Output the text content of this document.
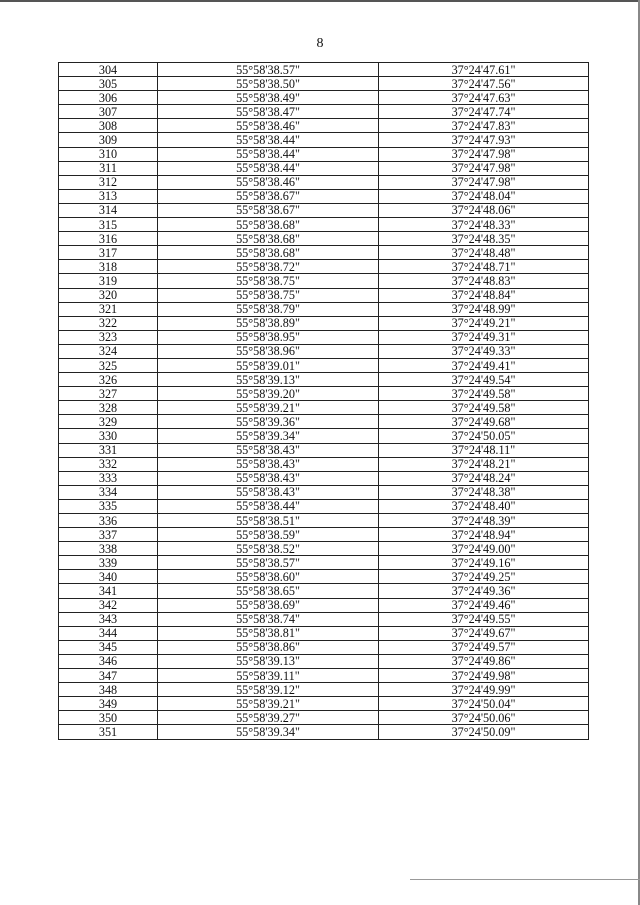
8
304	55°58'38.57"	37°24'47.61"
305	55°58'38.50"	37°24'47.56"
306	55°58'38.49"	37°24'47.63"
307	55°58'38.47"	37°24'47.74"
308	55°58'38.46"	37°24'47.83"
309	55°58'38.44"	37°24'47.93"
310	55°58'38.44"	37°24'47.98"
311	55°58'38.44"	37°24'47.98"
312	55°58'38.46"	37°24'47.98"
313	55°58'38.67"	37°24'48.04"
314	55°58'38.67"	37°24'48.06"
315	55°58'38.68"	37°24'48.33"
316	55°58'38.68"	37°24'48.35"
317	55°58'38.68"	37°24'48.48"
318	55°58'38.72"	37°24'48.71"
319	55°58'38.75"	37°24'48.83"
320	55°58'38.75"	37°24'48.84"
321	55°58'38.79"	37°24'48.99"
322	55°58'38.89"	37°24'49.21"
323	55°58'38.95"	37°24'49.31"
324	55°58'38.96"	37°24'49.33"
325	55°58'39.01"	37°24'49.41"
326	55°58'39.13"	37°24'49.54"
327	55°58'39.20"	37°24'49.58"
328	55°58'39.21"	37°24'49.58"
329	55°58'39.36"	37°24'49.68"
330	55°58'39.34"	37°24'50.05"
331	55°58'38.43"	37°24'48.11"
332	55°58'38.43"	37°24'48.21"
333	55°58'38.43"	37°24'48.24"
334	55°58'38.43"	37°24'48.38"
335	55°58'38.44"	37°24'48.40"
336	55°58'38.51"	37°24'48.39"
337	55°58'38.59"	37°24'48.94"
338	55°58'38.52"	37°24'49.00"
339	55°58'38.57"	37°24'49.16"
340	55°58'38.60"	37°24'49.25"
341	55°58'38.65"	37°24'49.36"
342	55°58'38.69"	37°24'49.46"
343	55°58'38.74"	37°24'49.55"
344	55°58'38.81"	37°24'49.67"
345	55°58'38.86"	37°24'49.57"
346	55°58'39.13"	37°24'49.86"
347	55°58'39.11"	37°24'49.98"
348	55°58'39.12"	37°24'49.99"
349	55°58'39.21"	37°24'50.04"
350	55°58'39.27"	37°24'50.06"
351	55°58'39.34"	37°24'50.09"
